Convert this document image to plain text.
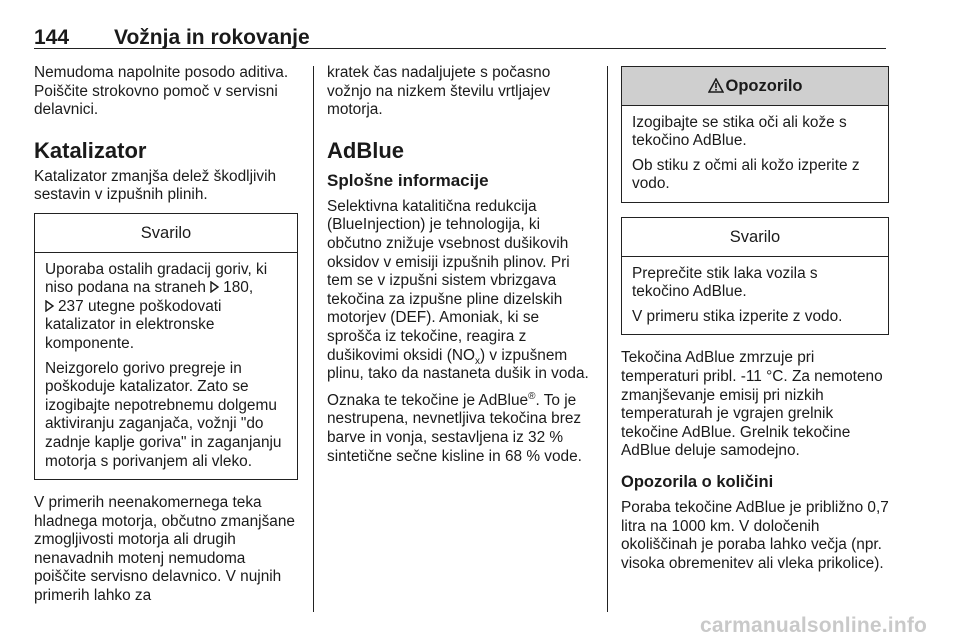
144 Vožnja in rokovanje

Nemudoma napolnite posodo aditiva. Poiščite strokovno pomoč v servisni delavnici.

Katalizator

Katalizator zmanjša delež škodljivih sestavin v izpušnih plinih.

Svarilo

Uporaba ostalih gradacij goriv, ki niso podana na straneh 180,
237 utegne poškodovati katalizator in elektronske komponente.

Neizgorelo gorivo pregreje in poškoduje katalizator. Zato se izogibajte nepotrebnemu dolgemu aktiviranju zaganjača, vožnji "do zadnje kaplje goriva" in zaganjanju motorja s porivanjem ali vleko.

V primerih neenakomernega teka hladnega motorja, občutno zmanjšane zmogljivosti motorja ali drugih nenavadnih motenj nemudoma poiščite servisno delavnico. V nujnih primerih lahko za

kratek čas nadaljujete s počasno vožnjo na nizkem številu vrtljajev motorja.

AdBlue
Splošne informacije

Selektivna katalitična redukcija (BlueInjection) je tehnologija, ki občutno znižuje vsebnost dušikovih oksidov v emisiji izpušnih plinov. Pri tem se v izpušni sistem vbrizgava tekočina za izpušne pline dizelskih motorjev (DEF). Amoniak, ki se sprošča iz tekočine, reagira z dušikovimi oksidi $(NO_x)$ v izpušnem plinu, tako da nastaneta dušik in voda.

Oznaka te tekočine je AdBlue®. To je nestrupena, nevnetljiva tekočina brez barve in vonja, sestavljena iz 32 % sintetične sečne kisline in 68 % vode.

Opozorilo

Izogibajte se stika oči ali kože s tekočino AdBlue.

Ob stiku z očmi ali kožo izperite z vodo.

Svarilo

Preprečite stik laka vozila s tekočino AdBlue.

V primeru stika izperite z vodo.

Tekočina AdBlue zmrzuje pri temperaturi pribl. -11 °C. Za nemoteno zmanjševanje emisij pri nizkih temperaturah je vgrajen grelnik tekočine AdBlue. Grelnik tekočine AdBlue deluje samodejno.

Opozorila o količini

Poraba tekočine AdBlue je približno 0,7 litra na 1000 km. V določenih okoliščinah je poraba lahko večja (npr. visoka obremenitev ali vleka prikolice).

carmanualsonline.info
